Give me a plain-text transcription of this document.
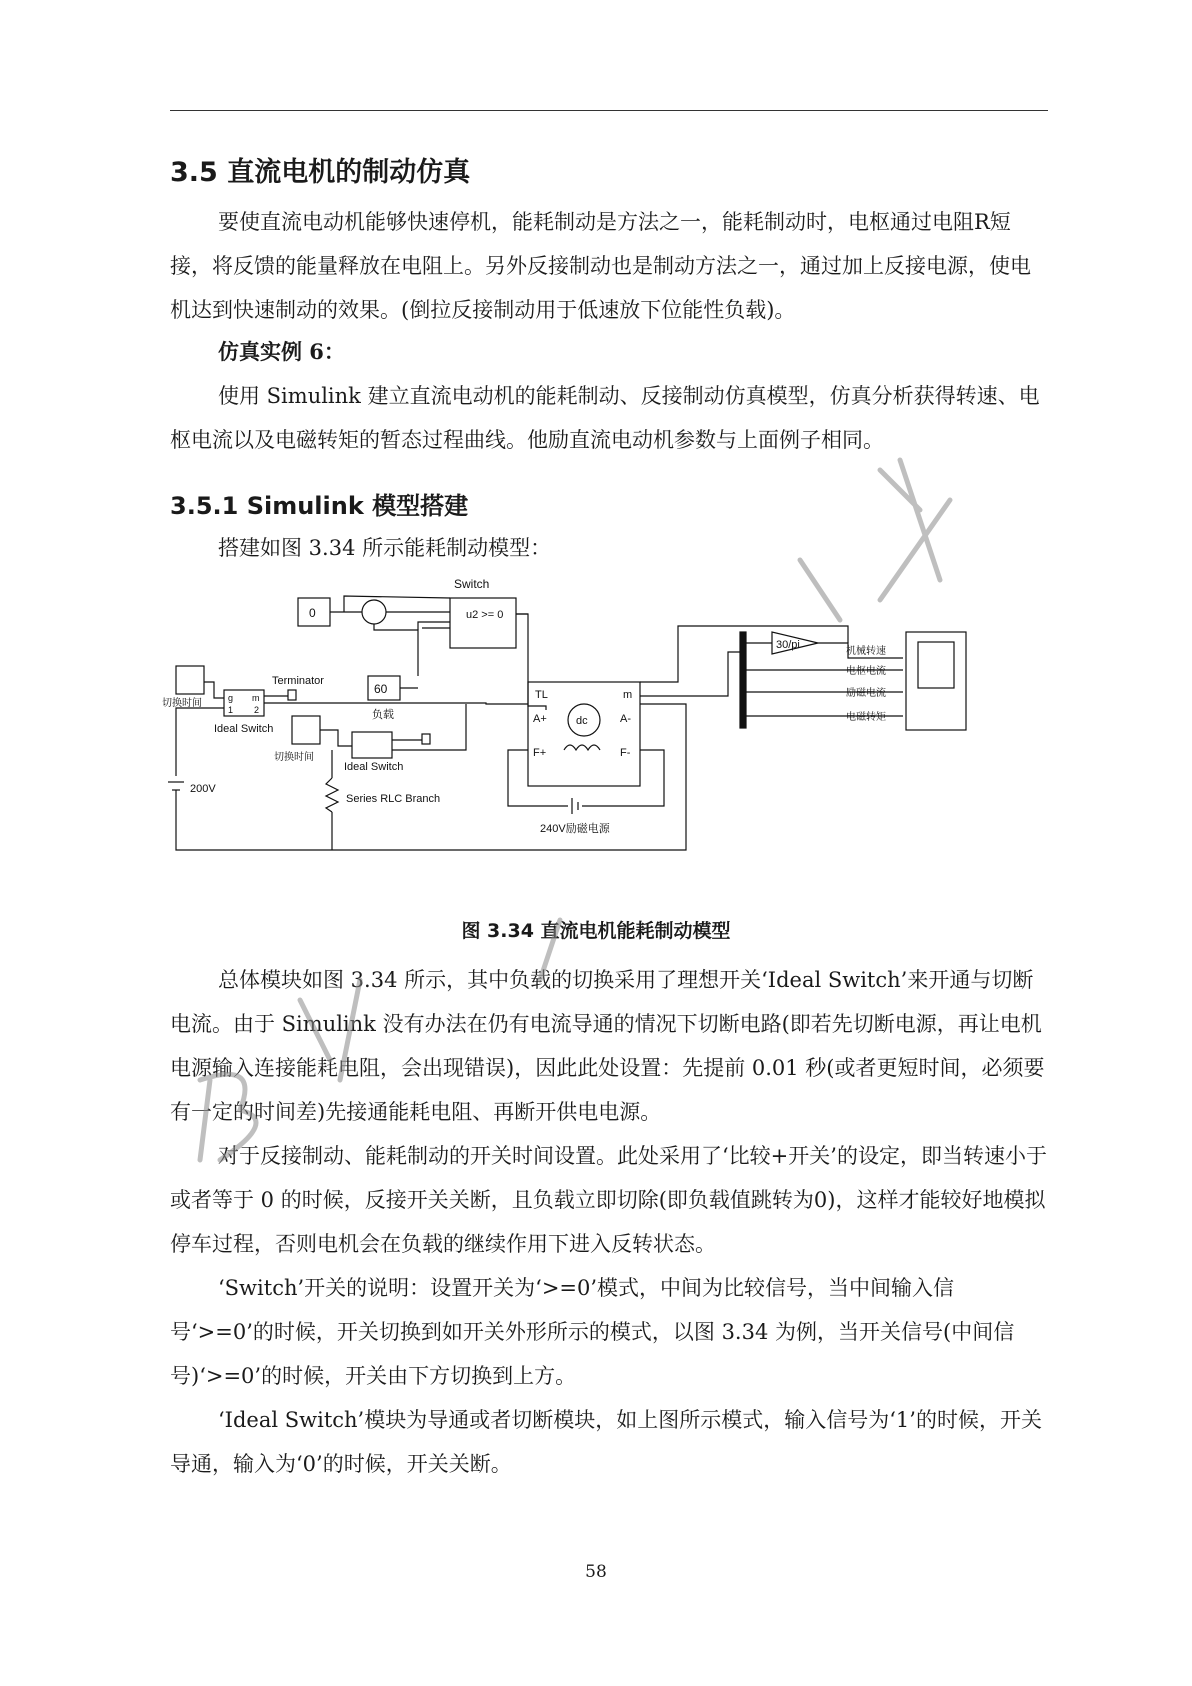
3.5 直流电机的制动仿真

要使直流电动机能够快速停机，能耗制动是方法之一，能耗制动时，电枢通过电阻R短接，将反馈的能量释放在电阻上。另外反接制动也是制动方法之一，通过加上反接电源，使电机达到快速制动的效果。(倒拉反接制动用于低速放下位能性负载)。

仿真实例 6：

使用 Simulink 建立直流电动机的能耗制动、反接制动仿真模型，仿真分析获得转速、电枢电流以及电磁转矩的暂态过程曲线。他励直流电动机参数与上面例子相同。

3.5.1 Simulink 模型搭建

搭建如图 3.34 所示能耗制动模型：

Switch
u2 >= 0
0
60
负载
30/pi
TL	m
A+	A-
F+	F-
dc
Terminator
Ideal Switch
Ideal Switch
切换时间
切换时间
200V
Series RLC Branch
240V励磁电源
机械转速
电枢电流
励磁电流
电磁转矩
g m
1 2
图 3.34 直流电机能耗制动模型

总体模块如图 3.34 所示，其中负载的切换采用了理想开关‘Ideal Switch’来开通与切断电流。由于 Simulink 没有办法在仍有电流导通的情况下切断电路(即若先切断电源，再让电机电源输入连接能耗电阻，会出现错误)，因此此处设置：先提前 0.01 秒(或者更短时间，必须要有一定的时间差)先接通能耗电阻、再断开供电电源。

对于反接制动、能耗制动的开关时间设置。此处采用了‘比较+开关’的设定，即当转速小于或者等于 0 的时候，反接开关关断，且负载立即切除(即负载值跳转为0)，这样才能较好地模拟停车过程，否则电机会在负载的继续作用下进入反转状态。

‘Switch’开关的说明：设置开关为‘>=0’模式，中间为比较信号，当中间输入信号‘>=0’的时候，开关切换到如开关外形所示的模式，以图 3.34 为例，当开关信号(中间信号)‘>=0’的时候，开关由下方切换到上方。

‘Ideal Switch’模块为导通或者切断模块，如上图所示模式，输入信号为‘1’的时候，开关导通，输入为‘0’的时候，开关关断。

58
